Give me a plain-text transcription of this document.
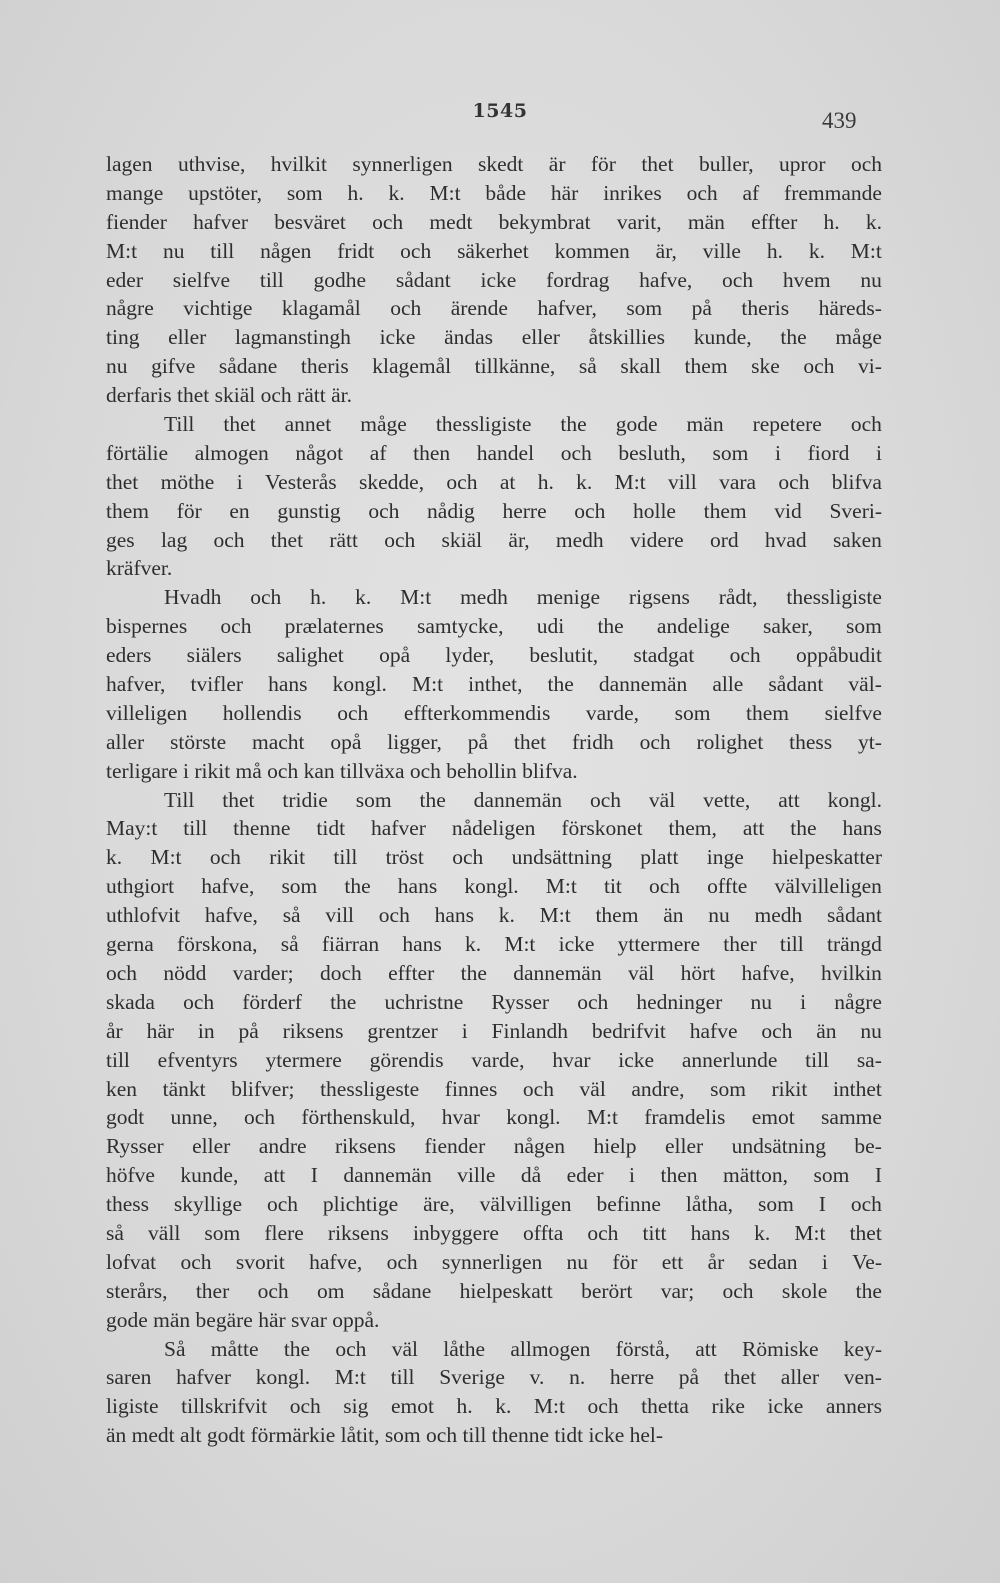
1545	439
lagen uthvise, hvilkit synnerligen skedt är för thet buller, upror och
mange upstöter, som h. k. M:t både här inrikes och af fremmande
fiender hafver besväret och medt bekymbrat varit, män effter h. k.
M:t nu till någen fridt och säkerhet kommen är, ville h. k. M:t
eder sielfve till godhe sådant icke fordrag hafve, och hvem nu
någre vichtige klagamål och ärende hafver, som på theris häreds-
ting eller lagmanstingh icke ändas eller åtskillies kunde, the måge
nu gifve sådane theris klagemål tillkänne, så skall them ske och vi-
derfaris thet skiäl och rätt är.
Till thet annet måge thessligiste the gode män repetere och
förtälie almogen något af then handel och besluth, som i fiord i
thet möthe i Vesterås skedde, och at h. k. M:t vill vara och blifva
them för en gunstig och nådig herre och holle them vid Sveri-
ges lag och thet rätt och skiäl är, medh videre ord hvad saken
kräfver.
Hvadh och h. k. M:t medh menige rigsens rådt, thessligiste
bispernes och prælaternes samtycke, udi the andelige saker, som
eders siälers salighet opå lyder, beslutit, stadgat och oppåbudit
hafver, tvifler hans kongl. M:t inthet, the dannemän alle sådant väl-
villeligen hollendis och effterkommendis varde, som them sielfve
aller störste macht opå ligger, på thet fridh och rolighet thess yt-
terligare i rikit må och kan tillväxa och behollin blifva.
Till thet tridie som the dannemän och väl vette, att kongl.
May:t till thenne tidt hafver nådeligen förskonet them, att the hans
k. M:t och rikit till tröst och undsättning platt inge hielpeskatter
uthgiort hafve, som the hans kongl. M:t tit och offte välvilleligen
uthlofvit hafve, så vill och hans k. M:t them än nu medh sådant
gerna förskona, så fiärran hans k. M:t icke yttermere ther till trängd
och nödd varder; doch effter the dannemän väl hört hafve, hvilkin
skada och förderf the uchristne Rysser och hedninger nu i någre
år här in på riksens grentzer i Finlandh bedrifvit hafve och än nu
till efventyrs ytermere görendis varde, hvar icke annerlunde till sa-
ken tänkt blifver; thessligeste finnes och väl andre, som rikit inthet
godt unne, och förthenskuld, hvar kongl. M:t framdelis emot samme
Rysser eller andre riksens fiender någen hielp eller undsätning be-
höfve kunde, att I dannemän ville då eder i then mätton, som I
thess skyllige och plichtige äre, välvilligen befinne låtha, som I och
så väll som flere riksens inbyggere offta och titt hans k. M:t thet
lofvat och svorit hafve, och synnerligen nu för ett år sedan i Ve-
sterårs, ther och om sådane hielpeskatt berört var; och skole the
gode män begäre här svar oppå.
Så måtte the och väl låthe allmogen förstå, att Römiske key-
saren hafver kongl. M:t till Sverige v. n. herre på thet aller ven-
ligiste tillskrifvit och sig emot h. k. M:t och thetta rike icke anners
än medt alt godt förmärkie låtit, som och till thenne tidt icke hel-
